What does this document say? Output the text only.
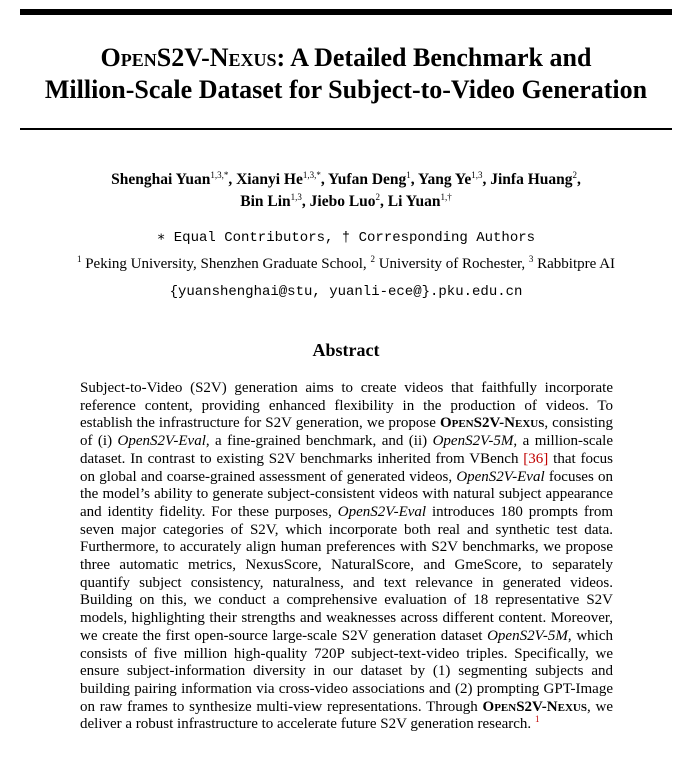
OpenS2V-Nexus: A Detailed Benchmark and
Million-Scale Dataset for Subject-to-Video Generation
Shenghai Yuan$^{1,3,*}$, Xianyi $He^{1,3,*}$, Yufan Deng$^1$, Yang Ye$^{1,3}$, Jinfa Huang$^2$,
Bin Lin$^{1,3}$, Jiebo Luo$^2$, Li Yuan$^{1,\dagger}$
∗ Equal Contributors, † Corresponding Authors
$^1$ Peking University, Shenzhen Graduate School, $^2$ University of Rochester, $^3$ Rabbitpre AI
{yuanshenghai@stu, yuanli-ece@}.pku.edu.cn
Abstract

Subject-to-Video (S2V) generation aims to create videos that faithfully incorporate reference content, providing enhanced flexibility in the production of videos. To establish the infrastructure for S2V generation, we propose OpenS2V-Nexus, consisting of (i) OpenS2V-Eval, a fine-grained benchmark, and (ii) OpenS2V-5M, a million-scale dataset. In contrast to existing S2V benchmarks inherited from VBench [36] that focus on global and coarse-grained assessment of generated videos, OpenS2V-Eval focuses on the model’s ability to generate subject-consistent videos with natural subject appearance and identity fidelity. For these purposes, OpenS2V-Eval introduces 180 prompts from seven major categories of S2V, which incorporate both real and synthetic test data. Furthermore, to accurately align human preferences with S2V benchmarks, we propose three automatic metrics, NexusScore, NaturalScore, and GmeScore, to separately quantify subject consistency, naturalness, and text relevance in generated videos. Building on this, we conduct a comprehensive evaluation of 18 representative S2V models, highlighting their strengths and weaknesses across different content. Moreover, we create the first open-source large-scale S2V generation dataset OpenS2V-5M, which consists of five million high-quality 720P subject-text-video triples. Specifically, we ensure subject-information diversity in our dataset by (1) segmenting subjects and building pairing information via cross-video associations and (2) prompting GPT-Image on raw frames to synthesize multi-view representations. Through OpenS2V-Nexus, we deliver a robust infrastructure to accelerate future S2V generation research. $^1$
